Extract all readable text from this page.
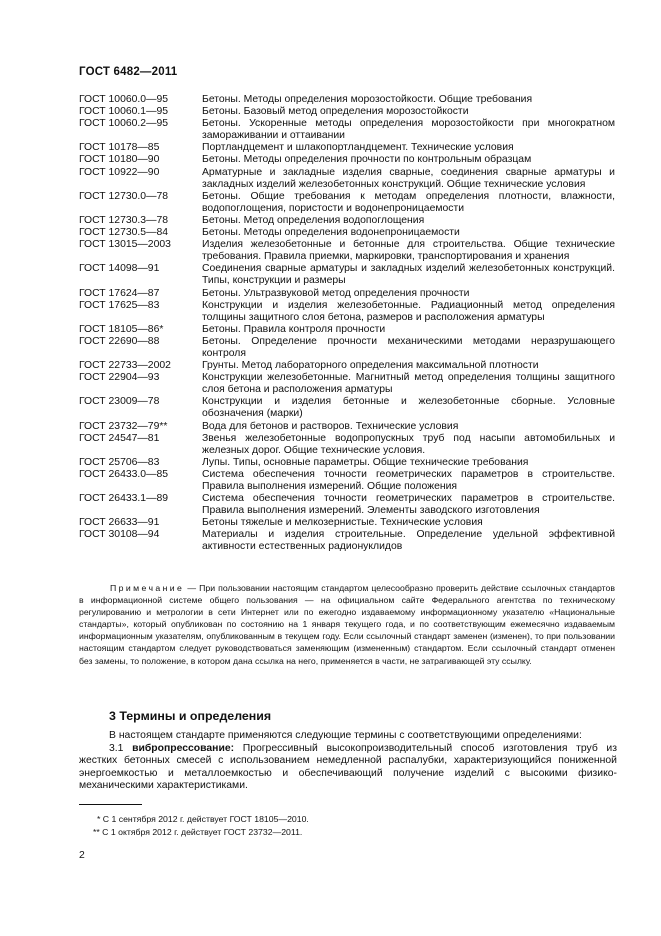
ГОСТ 6482—2011
ГОСТ 10060.0—95	Бетоны. Методы определения морозостойкости. Общие требования
ГОСТ 10060.1—95	Бетоны. Базовый метод определения морозостойкости
ГОСТ 10060.2—95	Бетоны. Ускоренные методы определения морозостойкости при многократном замораживании и оттаивании
ГОСТ 10178—85	Портландцемент и шлакопортландцемент. Технические условия
ГОСТ 10180—90	Бетоны. Методы определения прочности по контрольным образцам
ГОСТ 10922—90	Арматурные и закладные изделия сварные, соединения сварные арматуры и закладных изделий железобетонных конструкций. Общие технические условия
ГОСТ 12730.0—78	Бетоны. Общие требования к методам определения плотности, влажности, водопоглощения, пористости и водонепроницаемости
ГОСТ 12730.3—78	Бетоны. Метод определения водопоглощения
ГОСТ 12730.5—84	Бетоны. Методы определения водонепроницаемости
ГОСТ 13015—2003	Изделия железобетонные и бетонные для строительства. Общие технические требования. Правила приемки, маркировки, транспортирования и хранения
ГОСТ 14098—91	Соединения сварные арматуры и закладных изделий железобетонных конструкций. Типы, конструкции и размеры
ГОСТ 17624—87	Бетоны. Ультразвуковой метод определения прочности
ГОСТ 17625—83	Конструкции и изделия железобетонные. Радиационный метод определения толщины защитного слоя бетона, размеров и расположения арматуры
ГОСТ 18105—86*	Бетоны. Правила контроля прочности
ГОСТ 22690—88	Бетоны. Определение прочности механическими методами неразрушающего контроля
ГОСТ 22733—2002	Грунты. Метод лабораторного определения максимальной плотности
ГОСТ 22904—93	Конструкции железобетонные. Магнитный метод определения толщины защитного слоя бетона и расположения арматуры
ГОСТ 23009—78	Конструкции и изделия бетонные и железобетонные сборные. Условные обозначения (марки)
ГОСТ 23732—79**	Вода для бетонов и растворов. Технические условия
ГОСТ 24547—81	Звенья железобетонные водопропускных труб под насыпи автомобильных и железных дорог. Общие технические условия.
ГОСТ 25706—83	Лупы. Типы, основные параметры. Общие технические требования
ГОСТ 26433.0—85	Система обеспечения точности геометрических параметров в строительстве. Правила выполнения измерений. Общие положения
ГОСТ 26433.1—89	Система обеспечения точности геометрических параметров в строительстве. Правила выполнения измерений. Элементы заводского изготовления
ГОСТ 26633—91	Бетоны тяжелые и мелкозернистые. Технические условия
ГОСТ 30108—94	Материалы и изделия строительные. Определение удельной эффективной активности естественных радионуклидов
Примечание — При пользовании настоящим стандартом целесообразно проверить действие ссылочных стандартов в информационной системе общего пользования — на официальном сайте Федерального агентства по техническому регулированию и метрологии в сети Интернет или по ежегодно издаваемому информационному указателю «Национальные стандарты», который опубликован по состоянию на 1 января текущего года, и по соответствующим ежемесячно издаваемым информационным указателям, опубликованным в текущем году. Если ссылочный стандарт заменен (изменен), то при пользовании настоящим стандартом следует руководствоваться заменяющим (измененным) стандартом. Если ссылочный стандарт отменен без замены, то положение, в котором дана ссылка на него, применяется в части, не затрагивающей эту ссылку.
3 Термины и определения
В настоящем стандарте применяются следующие термины с соответствующими определениями:
3.1 вибропрессование: Прогрессивный высокопроизводительный способ изготовления труб из жестких бетонных смесей с использованием немедленной распалубки, характеризующийся пониженной энергоемкостью и металлоемкостью и обеспечивающий получение изделий с высокими физико-механическими характеристиками.
* С 1 сентября 2012 г. действует ГОСТ 18105—2010.
** С 1 октября 2012 г. действует ГОСТ 23732—2011.
2
